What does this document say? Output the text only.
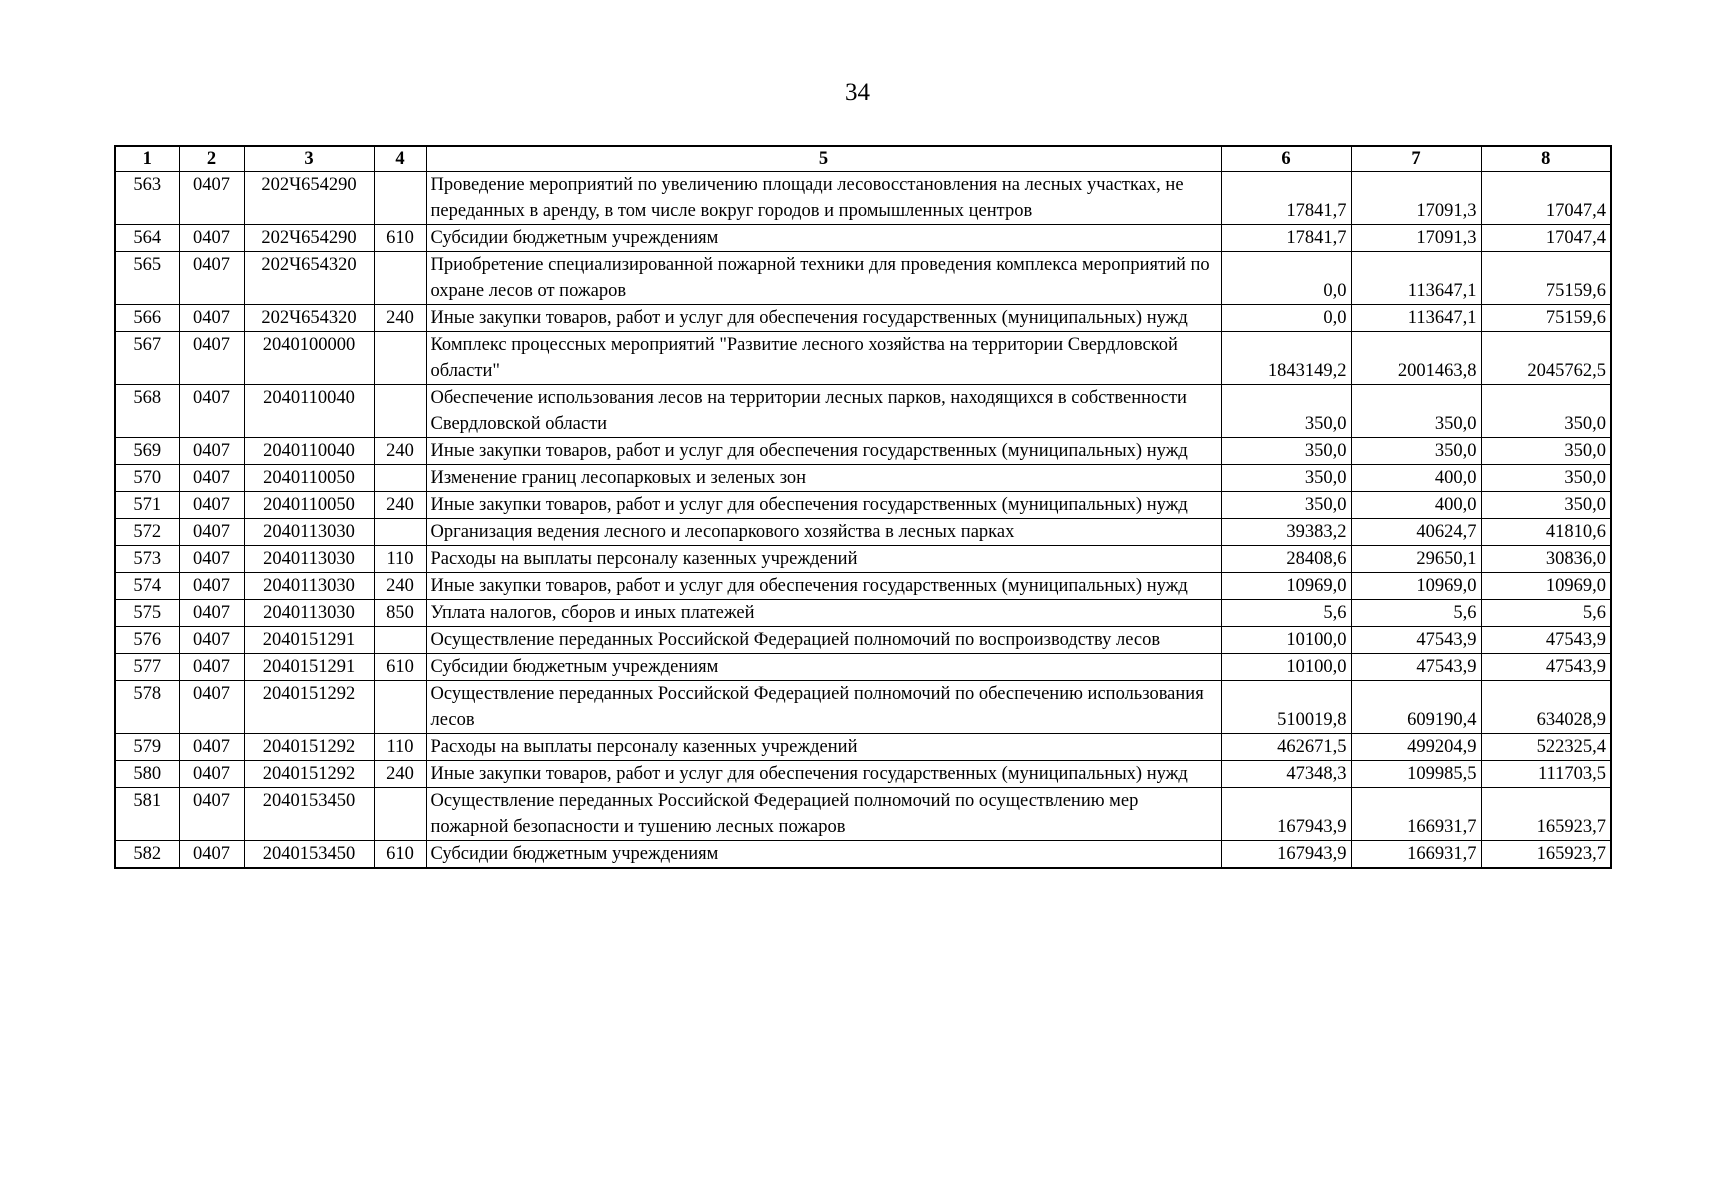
34
1	2	3	4	5	6	7	8
563	0407	202Ч654290		Проведение мероприятий по увеличению площади лесовосстановления на лесных участках, не переданных в аренду, в том числе вокруг городов и промышленных центров	17841,7	17091,3	17047,4
564	0407	202Ч654290	610	Субсидии бюджетным учреждениям	17841,7	17091,3	17047,4
565	0407	202Ч654320		Приобретение специализированной пожарной техники для проведения комплекса мероприятий по охране лесов от пожаров	0,0	113647,1	75159,6
566	0407	202Ч654320	240	Иные закупки товаров, работ и услуг для обеспечения государственных (муниципальных) нужд	0,0	113647,1	75159,6
567	0407	2040100000		Комплекс процессных мероприятий "Развитие лесного хозяйства на территории Свердловской области"	1843149,2	2001463,8	2045762,5
568	0407	2040110040		Обеспечение использования лесов на территории лесных парков, находящихся в собственности Свердловской области	350,0	350,0	350,0
569	0407	2040110040	240	Иные закупки товаров, работ и услуг для обеспечения государственных (муниципальных) нужд	350,0	350,0	350,0
570	0407	2040110050		Изменение границ лесопарковых и зеленых зон	350,0	400,0	350,0
571	0407	2040110050	240	Иные закупки товаров, работ и услуг для обеспечения государственных (муниципальных) нужд	350,0	400,0	350,0
572	0407	2040113030		Организация ведения лесного и лесопаркового хозяйства в лесных парках	39383,2	40624,7	41810,6
573	0407	2040113030	110	Расходы на выплаты персоналу казенных учреждений	28408,6	29650,1	30836,0
574	0407	2040113030	240	Иные закупки товаров, работ и услуг для обеспечения государственных (муниципальных) нужд	10969,0	10969,0	10969,0
575	0407	2040113030	850	Уплата налогов, сборов и иных платежей	5,6	5,6	5,6
576	0407	2040151291		Осуществление переданных Российской Федерацией полномочий по воспроизводству лесов	10100,0	47543,9	47543,9
577	0407	2040151291	610	Субсидии бюджетным учреждениям	10100,0	47543,9	47543,9
578	0407	2040151292		Осуществление переданных Российской Федерацией полномочий по обеспечению использования лесов	510019,8	609190,4	634028,9
579	0407	2040151292	110	Расходы на выплаты персоналу казенных учреждений	462671,5	499204,9	522325,4
580	0407	2040151292	240	Иные закупки товаров, работ и услуг для обеспечения государственных (муниципальных) нужд	47348,3	109985,5	111703,5
581	0407	2040153450		Осуществление переданных Российской Федерацией полномочий по осуществлению мер пожарной безопасности и тушению лесных пожаров	167943,9	166931,7	165923,7
582	0407	2040153450	610	Субсидии бюджетным учреждениям	167943,9	166931,7	165923,7
